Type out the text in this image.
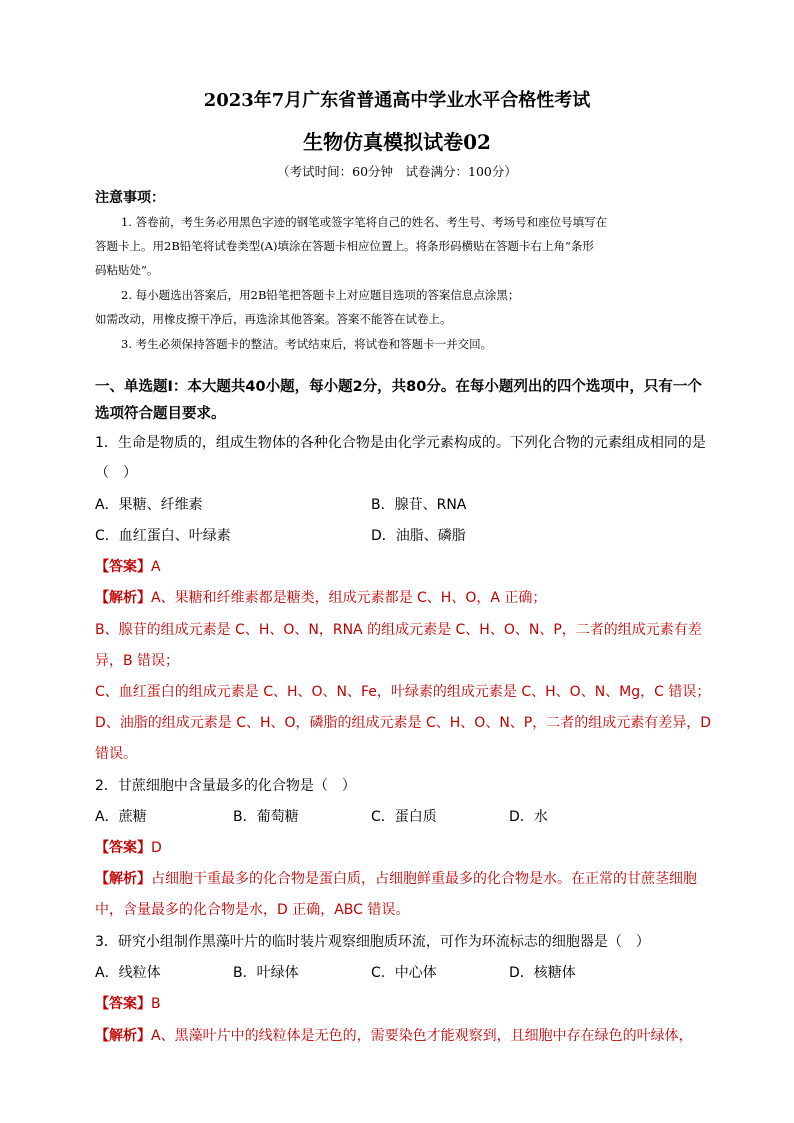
2023年7月广东省普通高中学业水平合格性考试
生物仿真模拟试卷02
（考试时间：60分钟　试卷满分：100分）
注意事项：
1. 答卷前，考生务必用黑色字迹的钢笔或签字笔将自己的姓名、考生号、考场号和座位号填写在
答题卡上。用2B铅笔将试卷类型(A)填涂在答题卡相应位置上。将条形码横贴在答题卡右上角“条形
码粘贴处”。
2. 每小题选出答案后，用2B铅笔把答题卡上对应题目选项的答案信息点涂黑；
如需改动，用橡皮擦干净后，再选涂其他答案。答案不能答在试卷上。
3. 考生必须保持答题卡的整洁。考试结束后，将试卷和答题卡一并交回。
一、单选题Ⅰ：本大题共40小题，每小题2分，共80分。在每小题列出的四个选项中，只有一个
选项符合题目要求。
1．生命是物质的，组成生物体的各种化合物是由化学元素构成的。下列化合物的元素组成相同的是
（　）
A．果糖、纤维素	B．腺苷、RNA
C．血红蛋白、叶绿素	D．油脂、磷脂
【答案】A
【解析】A、果糖和纤维素都是糖类，组成元素都是 C、H、O，A 正确；
B、腺苷的组成元素是 C、H、O、N，RNA 的组成元素是 C、H、O、N、P，二者的组成元素有差
异，B 错误；
C、血红蛋白的组成元素是 C、H、O、N、Fe，叶绿素的组成元素是 C、H、O、N、Mg，C 错误；
D、油脂的组成元素是 C、H、O，磷脂的组成元素是 C、H、O、N、P，二者的组成元素有差异，D
错误。
2．甘蔗细胞中含量最多的化合物是（　）
A．蔗糖	B．葡萄糖	C．蛋白质	D．水
【答案】D
【解析】占细胞干重最多的化合物是蛋白质，占细胞鲜重最多的化合物是水。在正常的甘蔗茎细胞
中，含量最多的化合物是水，D 正确，ABC 错误。
3．研究小组制作黑藻叶片的临时装片观察细胞质环流，可作为环流标志的细胞器是（　）
A．线粒体	B．叶绿体	C．中心体	D．核糖体
【答案】B
【解析】A、黑藻叶片中的线粒体是无色的，需要染色才能观察到，且细胞中存在绿色的叶绿体，
